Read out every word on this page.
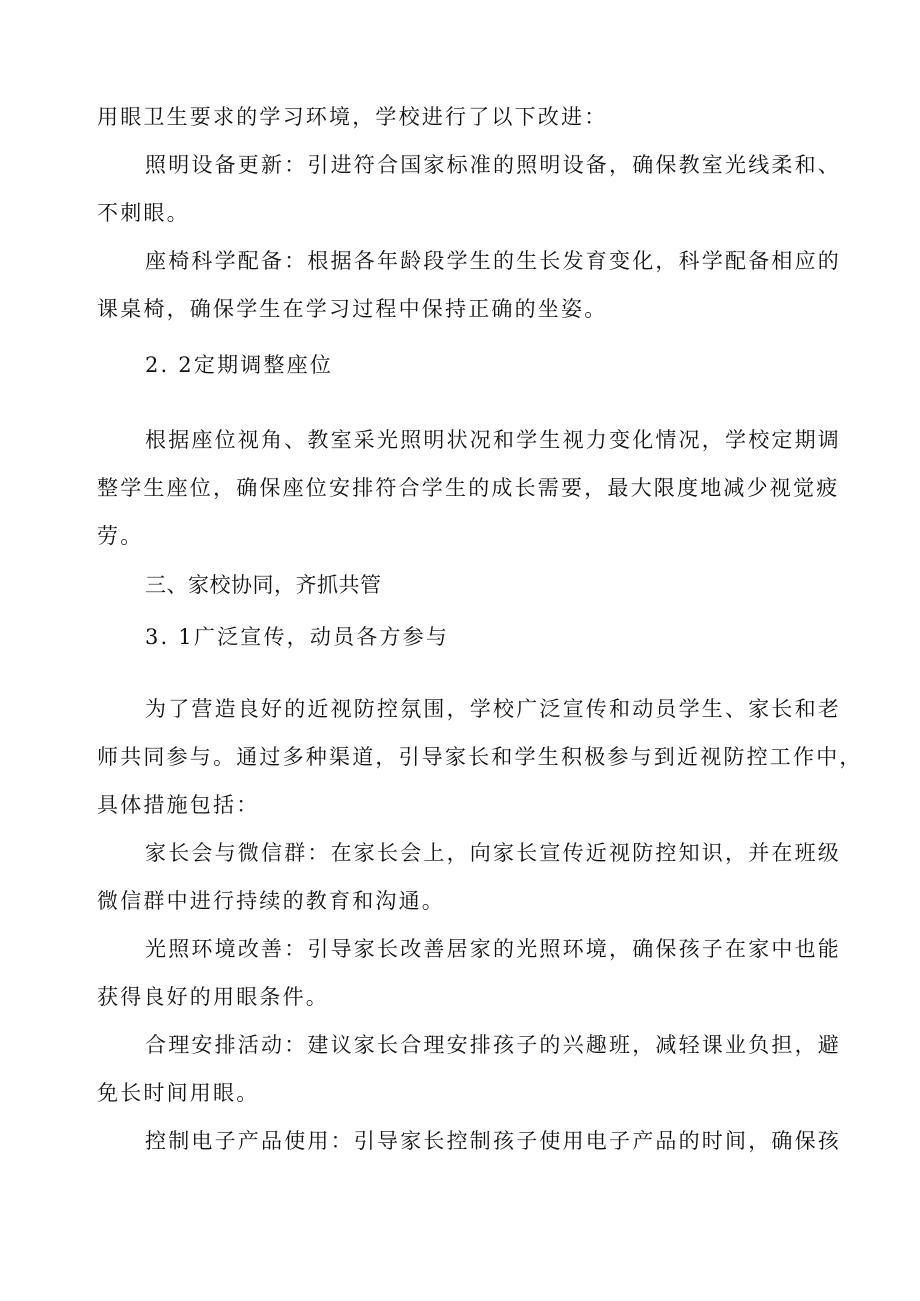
用眼卫生要求的学习环境，学校进行了以下改进：
照明设备更新：引进符合国家标准的照明设备，确保教室光线柔和、
不刺眼。
座椅科学配备：根据各年龄段学生的生长发育变化，科学配备相应的
课桌椅，确保学生在学习过程中保持正确的坐姿。
2. 2定期调整座位
根据座位视角、教室采光照明状况和学生视力变化情况，学校定期调
整学生座位，确保座位安排符合学生的成长需要，最大限度地减少视觉疲
劳。
三、家校协同，齐抓共管
3. 1广泛宣传，动员各方参与
为了营造良好的近视防控氛围，学校广泛宣传和动员学生、家长和老
师共同参与。通过多种渠道，引导家长和学生积极参与到近视防控工作中，
具体措施包括：
家长会与微信群：在家长会上，向家长宣传近视防控知识，并在班级
微信群中进行持续的教育和沟通。
光照环境改善：引导家长改善居家的光照环境，确保孩子在家中也能
获得良好的用眼条件。
合理安排活动：建议家长合理安排孩子的兴趣班，减轻课业负担，避
免长时间用眼。
控制电子产品使用：引导家长控制孩子使用电子产品的时间，确保孩
